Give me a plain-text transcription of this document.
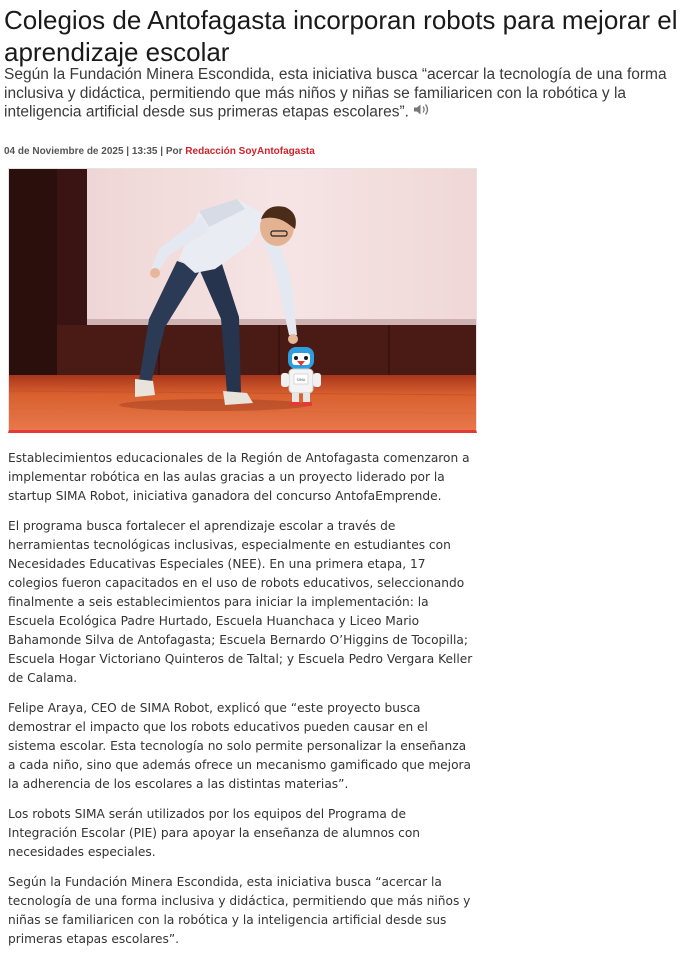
Colegios de Antofagasta incorporan robots para mejorar el aprendizaje escolar

Según la Fundación Minera Escondida, esta iniciativa busca “acercar la tecnología de una forma inclusiva y didáctica, permitiendo que más niños y niñas se familiaricen con la robótica y la inteligencia artificial desde sus primeras etapas escolares”.

04 de Noviembre de 2025 | 13:35 | Por Redacción SoyAntofagasta
SIMA

Establecimientos educacionales de la Región de Antofagasta comenzaron a implementar robótica en las aulas gracias a un proyecto liderado por la startup SIMA Robot, iniciativa ganadora del concurso AntofaEmprende.

El programa busca fortalecer el aprendizaje escolar a través de herramientas tecnológicas inclusivas, especialmente en estudiantes con Necesidades Educativas Especiales (NEE). En una primera etapa, 17 colegios fueron capacitados en el uso de robots educativos, seleccionando finalmente a seis establecimientos para iniciar la implementación: la Escuela Ecológica Padre Hurtado, Escuela Huanchaca y Liceo Mario Bahamonde Silva de Antofagasta; Escuela Bernardo O’Higgins de Tocopilla; Escuela Hogar Victoriano Quinteros de Taltal; y Escuela Pedro Vergara Keller de Calama.

Felipe Araya, CEO de SIMA Robot, explicó que “este proyecto busca demostrar el impacto que los robots educativos pueden causar en el sistema escolar. Esta tecnología no solo permite personalizar la enseñanza a cada niño, sino que además ofrece un mecanismo gamificado que mejora la adherencia de los escolares a las distintas materias”.

Los robots SIMA serán utilizados por los equipos del Programa de Integración Escolar (PIE) para apoyar la enseñanza de alumnos con necesidades especiales.

Según la Fundación Minera Escondida, esta iniciativa busca “acercar la tecnología de una forma inclusiva y didáctica, permitiendo que más niños y niñas se familiaricen con la robótica y la inteligencia artificial desde sus primeras etapas escolares”.
